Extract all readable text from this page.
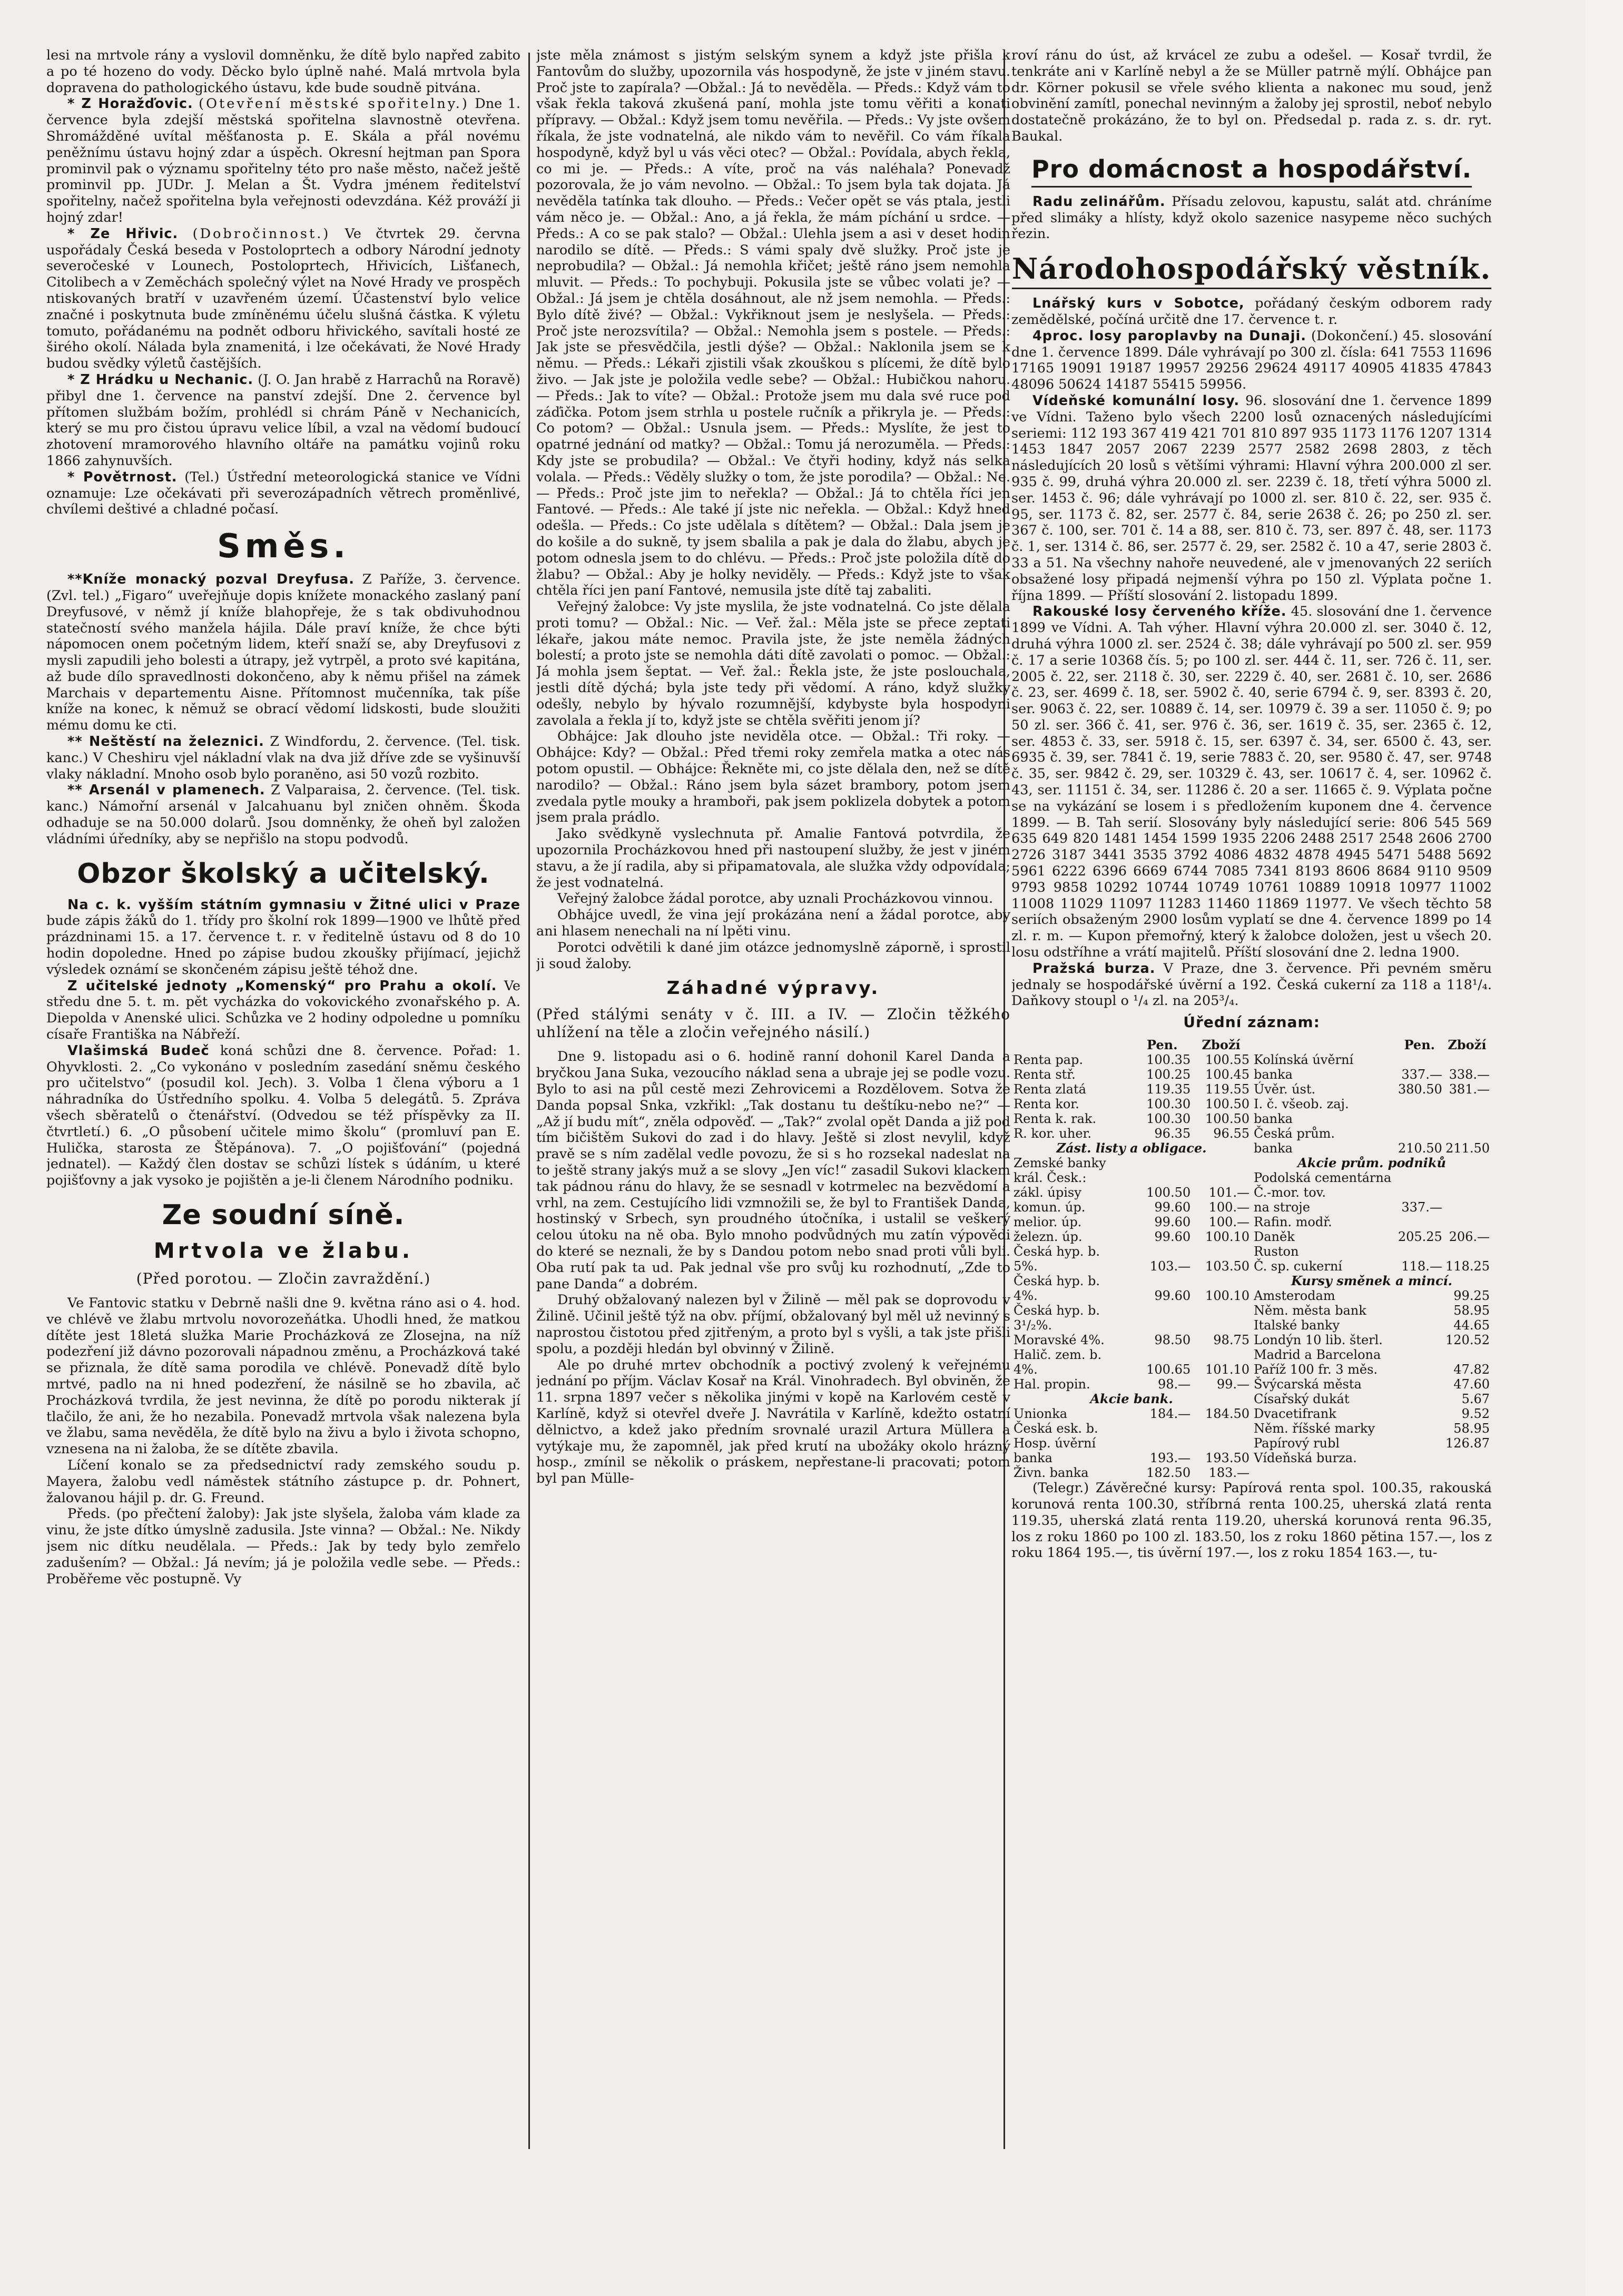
lesi na mrtvole rány a vyslovil domněnku, že dítě bylo napřed zabito a po té hozeno do vody. Děcko bylo úplně nahé. Malá mrtvola byla dopravena do pathologického ústavu, kde bude soudně pitvána.

* Z Horažďovic. (Otevření městské spořitelny.) Dne 1. července byla zdejší městská spořitelna slavnostně otevřena. Shromážděné uvítal měšťanosta p. E. Skála a přál novému peněžnímu ústavu hojný zdar a úspěch. Okresní hejtman pan Spora prominvil pak o významu spořitelny této pro naše město, načež ještě prominvil pp. JUDr. J. Melan a Št. Vydra jménem ředitelství spořitelny, načež spořitelna byla veřejnosti odevzdána. Kéž prováží ji hojný zdar!

* Ze Hřivic. (Dobročinnost.) Ve čtvrtek 29. června uspořádaly Česká beseda v Postoloprtech a odbory Národní jednoty severočeské v Lounech, Postoloprtech, Hřivicích, Lišťanech, Citolibech a v Zeměchách společný výlet na Nové Hrady ve prospěch ntiskovaných bratří v uzavřeném území. Účastenství bylo velice značné i poskytnuta bude zmíněnému účelu slušná částka. K výletu tomuto, pořádanému na podnět odboru hřivického, savítali hosté ze širého okolí. Nálada byla znamenitá, i lze očekávati, že Nové Hrady budou svědky výletů častějších.

* Z Hrádku u Nechanic. (J. O. Jan hrabě z Harrachů na Roravě) přibyl dne 1. července na panství zdejší. Dne 2. července byl přítomen službám božím, prohlédl si chrám Páně v Nechanicích, který se mu pro čistou úpravu velice líbil, a vzal na vědomí budoucí zhotovení mramorového hlavního oltáře na památku vojinů roku 1866 zahynuvších.

* Povětrnost. (Tel.) Ústřední meteorologická stanice ve Vídni oznamuje: Lze očekávati při severozápadních větrech proměnlivé, chvílemi deštivé a chladné počasí.

Směs.

**Kníže monacký pozval Dreyfusa. Z Paříže, 3. července. (Zvl. tel.) „Figaro“ uveřejňuje dopis knížete monackého zaslaný paní Dreyfusové, v němž jí kníže blahopřeje, že s tak obdivuhodnou statečností svého manžela hájila. Dále praví kníže, že chce býti nápomocen onem početným lidem, kteří snaží se, aby Dreyfusovi z mysli zapudili jeho bolesti a útrapy, jež vytrpěl, a proto své kapitána, až bude dílo spravedlnosti dokončeno, aby k němu přišel na zámek Marchais v departementu Aisne. Přítomnost mučenníka, tak píše kníže na konec, k němuž se obrací vědomí lidskosti, bude sloužiti mému domu ke cti.

** Neštěstí na železnici. Z Windfordu, 2. července. (Tel. tisk. kanc.) V Cheshiru vjel nákladní vlak na dva již dříve zde se vyšinuvší vlaky nákladní. Mnoho osob bylo poraněno, asi 50 vozů rozbito.

** Arsenál v plamenech. Z Valparaisa, 2. července. (Tel. tisk. kanc.) Námořní arsenál v Jalcahuanu byl zničen ohněm. Škoda odhaduje se na 50.000 dolarů. Jsou domněnky, že oheň byl založen vládními úředníky, aby se nepřišlo na stopu podvodů.

Obzor školský a učitelský.

Na c. k. vyšším státním gymnasiu v Žitné ulici v Praze bude zápis žáků do 1. třídy pro školní rok 1899—1900 ve lhůtě před prázdninami 15. a 17. července t. r. v ředitelně ústavu od 8 do 10 hodin dopoledne. Hned po zápise budou zkoušky přijímací, jejichž výsledek oznámí se skončeném zápisu ještě téhož dne.

Z učitelské jednoty „Komenský“ pro Prahu a okolí. Ve středu dne 5. t. m. pět vycházka do vokovického zvonařského p. A. Diepolda v Anenské ulici. Schůzka ve 2 hodiny odpoledne u pomníku císaře Františka na Nábřeží.

Vlašimská Budeč koná schůzi dne 8. července. Pořad: 1. Ohyvklosti. 2. „Co vykonáno v posledním zasedání sněmu českého pro učitelstvo“ (posudil kol. Jech). 3. Volba 1 člena výboru a 1 náhradníka do Ústředního spolku. 4. Volba 5 delegátů. 5. Zpráva všech sběratelů o čtenářství. (Odvedou se též příspěvky za II. čtvrtletí.) 6. „O působení učitele mimo školu“ (promluví pan E. Hulička, starosta ze Štěpánova). 7. „O pojišťování“ (pojedná jednatel). — Každý člen dostav se schůzi lístek s údáním, u které pojišťovny a jak vysoko je pojištěn a je-li členem Národního podniku.

Ze soudní síně.
Mrtvola ve žlabu.
(Před porotou. — Zločin zavraždění.)

Ve Fantovic statku v Debrně našli dne 9. května ráno asi o 4. hod. ve chlévě ve žlabu mrtvolu novorozeňátka. Uhodli hned, že matkou dítěte jest 18letá služka Marie Procházková ze Zlosejna, na níž podezření již dávno pozorovali nápadnou změnu, a Procházková také se přiznala, že dítě sama porodila ve chlévě. Ponevadž dítě bylo mrtvé, padlo na ni hned podezření, že násilně se ho zbavila, ač Procházková tvrdila, že jest nevinna, že dítě po porodu nikterak jí tlačilo, že ani, že ho nezabila. Ponevadž mrtvola však nalezena byla ve žlabu, sama nevěděla, že dítě bylo na živu a bylo i života schopno, vznesena na ni žaloba, že se dítěte zbavila.

Líčení konalo se za předsednictví rady zemského soudu p. Mayera, žalobu vedl náměstek státního zástupce p. dr. Pohnert, žalovanou hájil p. dr. G. Freund.

Předs. (po přečtení žaloby): Jak jste slyšela, žaloba vám klade za vinu, že jste dítko úmyslně zadusila. Jste vinna? — Obžal.: Ne. Nikdy jsem nic dítku neudělala. — Předs.: Jak by tedy bylo zemřelo zadušením? — Obžal.: Já nevím; já je položila vedle sebe. — Předs.: Proběřeme věc postupně. Vy

jste měla známost s jistým selským synem a když jste přišla k Fantovům do služby, upozornila vás hospodyně, že jste v jiném stavu. Proč jste to zapírala? —Obžal.: Já to nevěděla. — Předs.: Když vám to však řekla taková zkušená paní, mohla jste tomu věřiti a konati přípravy. — Obžal.: Když jsem tomu nevěřila. — Předs.: Vy jste ovšem říkala, že jste vodnatelná, ale nikdo vám to nevěřil. Co vám říkala hospodyně, když byl u vás věci otec? — Obžal.: Povídala, abych řekla, co mi je. — Předs.: A víte, proč na vás naléhala? Ponevadž pozorovala, že jo vám nevolno. — Obžal.: To jsem byla tak dojata. Já nevěděla tatínka tak dlouho. — Předs.: Večer opět se vás ptala, jestli vám něco je. — Obžal.: Ano, a já řekla, že mám píchání u srdce. — Předs.: A co se pak stalo? — Obžal.: Ulehla jsem a asi v deset hodin narodilo se dítě. — Předs.: S vámi spaly dvě služky. Proč jste je neprobudila? — Obžal.: Já nemohla křičet; ještě ráno jsem nemohla mluvit. — Předs.: To pochybuji. Pokusila jste se vůbec volati je? — Obžal.: Já jsem je chtěla dosáhnout, ale nž jsem nemohla. — Předs.: Bylo dítě živé? — Obžal.: Vykřiknout jsem je neslyšela. — Předs.: Proč jste nerozsvítila? — Obžal.: Nemohla jsem s postele. — Předs.: Jak jste se přesvědčila, jestli dýše? — Obžal.: Naklonila jsem se k němu. — Předs.: Lékaři zjistili však zkouškou s plícemi, že dítě bylo živo. — Jak jste je položila vedle sebe? — Obžal.: Hubičkou nahoru. — Předs.: Jak to víte? — Obžal.: Protože jsem mu dala své ruce pod záďička. Potom jsem strhla u postele ručník a přikryla je. — Předs.: Co potom? — Obžal.: Usnula jsem. — Předs.: Myslíte, že jest to opatrné jednání od matky? — Obžal.: Tomu já nerozuměla. — Předs.: Kdy jste se probudila? — Obžal.: Ve čtyři hodiny, když nás selka volala. — Předs.: Věděly služky o tom, že jste porodila? — Obžal.: Ne. — Předs.: Proč jste jim to neřekla? — Obžal.: Já to chtěla říci jen Fantové. — Předs.: Ale také jí jste nic neřekla. — Obžal.: Když hned odešla. — Předs.: Co jste udělala s dítětem? — Obžal.: Dala jsem je do košile a do sukně, ty jsem sbalila a pak je dala do žlabu, abych je potom odnesla jsem to do chlévu. — Předs.: Proč jste položila dítě do žlabu? — Obžal.: Aby je holky neviděly. — Předs.: Když jste to však chtěla říci jen paní Fantové, nemusila jste dítě taj zabaliti.

Veřejný žalobce: Vy jste myslila, že jste vodnatelná. Co jste dělala proti tomu? — Obžal.: Nic. — Veř. žal.: Měla jste se přece zeptati lékaře, jakou máte nemoc. Pravila jste, že jste neměla žádných bolestí; a proto jste se nemohla dáti dítě zavolati o pomoc. — Obžal.: Já mohla jsem šeptat. — Veř. žal.: Řekla jste, že jste poslouchala, jestli dítě dýchá; byla jste tedy při vědomí. A ráno, když služky odešly, nebylo by hývalo rozumnější, kdybyste byla hospodyni zavolala a řekla jí to, když jste se chtěla svěřiti jenom jí?

Obhájce: Jak dlouho jste neviděla otce. — Obžal.: Tři roky. — Obhájce: Kdy? — Obžal.: Před třemi roky zemřela matka a otec nás potom opustil. — Obhájce: Řekněte mi, co jste dělala den, než se dítě narodilo? — Obžal.: Ráno jsem byla sázet brambory, potom jsem zvedala pytle mouky a hramboři, pak jsem poklizela dobytek a potom jsem prala prádlo.

Jako svědkyně vyslechnuta př. Amalie Fantová potvrdila, že upozornila Procházkovou hned při nastoupení služby, že jest v jiném stavu, a že jí radila, aby si připamatovala, ale služka vždy odpovídala; že jest vodnatelná.

Veřejný žalobce žádal porotce, aby uznali Procházkovou vinnou.

Obhájce uvedl, že vina její prokázána není a žádal porotce, aby ani hlasem nenechali na ní lpěti vinu.

Porotci odvětili k dané jim otázce jednomyslně záporně, i sprostil ji soud žaloby.

Záhadné výpravy.
(Před stálými senáty v č. III. a IV. — Zločin těžkého uhlížení na těle a zločin veřejného násilí.)

Dne 9. listopadu asi o 6. hodině ranní dohonil Karel Danda a bryčkou Jana Suka, vezoucího náklad sena a ubraje jej se podle vozu. Bylo to asi na půl cestě mezi Zehrovicemi a Rozdělovem. Sotva že Danda popsal Snka, vzkřikl: „Tak dostanu tu deštíku-nebo ne?“ — „Až jí budu mít“, zněla odpověď. — „Tak?“ zvolal opět Danda a již pod tím bičištěm Sukovi do zad i do hlavy. Ještě si zlost nevylil, když pravě se s ním zadělal vedle povozu, že si s ho rozsekal nadeslat na to ještě strany jakýs muž a se slovy „Jen víc!“ zasadil Sukovi klackem tak pádnou ránu do hlavy, že se sesnadl v kotrmelec na bezvědomí a vrhl, na zem. Cestujícího lidi vzmnožili se, že byl to František Danda, hostinský v Srbech, syn proudného útočníka, i ustalil se veškerý celou útoku na ně oba. Bylo mnoho podvůdných mu zatín výpovědi do které se neznali, že by s Dandou potom nebo snad proti vůli byli. Oba rutí pak ta ud. Pak jednal vše pro svůj ku rozhodnutí, „Zde to pane Danda“ a dobrém.

Druhý obžalovaný nalezen byl v Žilině — měl pak se doprovodu v Žilině. Učinil ještě týž na obv. příjmí, obžalovaný byl měl už nevinný s naprostou čistotou před zjitřeným, a proto byl s vyšli, a tak jste přišli spolu, a později hledán byl obvinný v Žilině.

Ale po druhé mrtev obchodník a poctivý zvolený k veřejnému jednání po příjm. Václav Kosař na Král. Vinohradech. Byl obviněn, že 11. srpna 1897 večer s několika jinými v kopě na Karlovém cestě v Karlíně, když si otevřel dveře J. Navrátila v Karlíně, kdežto ostatní dělnictvo, a kdež jako předním srovnalé urazil Artura Müllera a vytýkaje mu, že zapomněl, jak před krutí na ubožáky okolo hrázný hosp., zmínil se několik o práskem, nepřestane-li pracovati; potom byl pan Mülle-

roví ránu do úst, až krvácel ze zubu a odešel. — Kosař tvrdil, že tenkráte ani v Karlíně nebyl a že se Müller patrně mýlí. Obhájce pan dr. Körner pokusil se vřele svého klienta a nakonec mu soud, jenž obvinění zamítl, ponechal nevinným a žaloby jej sprostil, neboť nebylo dostatečně prokázáno, že to byl on. Předsedal p. rada z. s. dr. ryt. Baukal.

Pro domácnost a hospodářství.

Radu zelinářům. Přísadu zelovou, kapustu, salát atd. chráníme před slimáky a hlísty, když okolo sazenice nasypeme něco suchých řezin.

Národohospodářský věstník.

Lnářský kurs v Sobotce, pořádaný českým odborem rady zemědělské, počíná určitě dne 17. července t. r.

4proc. losy paroplavby na Dunaji. (Dokončení.) 45. slosování dne 1. července 1899. Dále vyhrávají po 300 zl. čísla: 641 7553 11696 17165 19091 19187 19957 29256 29624 49117 40905 41835 47843 48096 50624 14187 55415 59956.

Vídeňské komunální losy. 96. slosování dne 1. července 1899 ve Vídni. Taženo bylo všech 2200 losů oznacených následujícími seriemi: 112 193 367 419 421 701 810 897 935 1173 1176 1207 1314 1453 1847 2057 2067 2239 2577 2582 2698 2803, z těch následujících 20 losů s většími výhrami: Hlavní výhra 200.000 zl ser. 935 č. 99, druhá výhra 20.000 zl. ser. 2239 č. 18, třetí výhra 5000 zl. ser. 1453 č. 96; dále vyhrávají po 1000 zl. ser. 810 č. 22, ser. 935 č. 95, ser. 1173 č. 82, ser. 2577 č. 84, serie 2638 č. 26; po 250 zl. ser. 367 č. 100, ser. 701 č. 14 a 88, ser. 810 č. 73, ser. 897 č. 48, ser. 1173 č. 1, ser. 1314 č. 86, ser. 2577 č. 29, ser. 2582 č. 10 a 47, serie 2803 č. 33 a 51. Na všechny nahoře neuvedené, ale v jmenovaných 22 seriích obsažené losy připadá nejmenší výhra po 150 zl. Výplata počne 1. října 1899. — Příští slosování 2. listopadu 1899.

Rakouské losy červeného kříže. 45. slosování dne 1. července 1899 ve Vídni. A. Tah výher. Hlavní výhra 20.000 zl. ser. 3040 č. 12, druhá výhra 1000 zl. ser. 2524 č. 38; dále vyhrávají po 500 zl. ser. 959 č. 17 a serie 10368 čís. 5; po 100 zl. ser. 444 č. 11, ser. 726 č. 11, ser. 2005 č. 22, ser. 2118 č. 30, ser. 2229 č. 40, ser. 2681 č. 10, ser. 2686 č. 23, ser. 4699 č. 18, ser. 5902 č. 40, serie 6794 č. 9, ser. 8393 č. 20, ser. 9063 č. 22, ser. 10889 č. 14, ser. 10979 č. 39 a ser. 11050 č. 9; po 50 zl. ser. 366 č. 41, ser. 976 č. 36, ser. 1619 č. 35, ser. 2365 č. 12, ser. 4853 č. 33, ser. 5918 č. 15, ser. 6397 č. 34, ser. 6500 č. 43, ser. 6935 č. 39, ser. 7841 č. 19, serie 7883 č. 20, ser. 9580 č. 47, ser. 9748 č. 35, ser. 9842 č. 29, ser. 10329 č. 43, ser. 10617 č. 4, ser. 10962 č. 43, ser. 11151 č. 34, ser. 11286 č. 20 a ser. 11665 č. 9. Výplata počne se na vykázání se losem i s předložením kuponem dne 4. července 1899. — B. Tah serií. Slosovány byly následující serie: 806 545 569 635 649 820 1481 1454 1599 1935 2206 2488 2517 2548 2606 2700 2726 3187 3441 3535 3792 4086 4832 4878 4945 5471 5488 5692 5961 6222 6396 6669 6744 7085 7341 8193 8606 8684 9110 9509 9793 9858 10292 10744 10749 10761 10889 10918 10977 11002 11008 11029 11097 11283 11460 11869 11977. Ve všech těchto 58 seriích obsaženým 2900 losům vyplatí se dne 4. července 1899 po 14 zl. r. m. — Kupon přemořný, který k žalobce doložen, jest u všech 20. losu odstříhne a vrátí majitelů. Příští slosování dne 2. ledna 1900.

Pražská burza. V Praze, dne 3. července. Při pevném směru jednaly se hospodářské úvěrní a 192. Česká cukerní za 118 a 118¹/₄. Daňkovy stoupl o ¹/₄ zl. na 205³/₄.

Úřední záznam:
	Pen.	Zboží
Renta pap.	100.35	100.55
Renta stř.	100.25	100.45
Renta zlatá	119.35	119.55
Renta kor.	100.30	100.50
Renta k. rak.	100.30	100.50
R. kor. uher.	96.35	96.55
Zást. listy a obligace.
Zemské banky		
král. Česk.:		
zákl. úpisy	100.50	101.—
komun. úp.	99.60	100.—
melior. úp.	99.60	100.—
železn. úp.	99.60	100.10
Česká hyp. b.		
5%.	103.—	103.50
Česká hyp. b.		
4%.	99.60	100.10
Česká hyp. b.		
3¹/₂%.		
Moravské 4%.	98.50	98.75
Halič. zem. b.		
4%.	100.65	101.10
Hal. propin.	98.—	99.—
Akcie bank.
Unionka	184.—	184.50
Česká esk. b.		
Hosp. úvěrní		
banka	193.—	193.50
Živn. banka	182.50	183.—

	Pen.	Zboží
Kolínská úvěrní		
banka	337.—	338.—
Úvěr. úst.	380.50	381.—
I. č. všeob. zaj.		
banka		
Česká prům.		
banka	210.50	211.50
Akcie prům. podniků
Podolská cementárna		

Č.-mor. tov.		
na stroje	337.—	
Rafin. modř.		
Daněk	205.25	206.—
Ruston		
Č. sp. cukerní	118.—	118.25
Kursy směnek a mincí.
Amsterodam		99.25
Něm. města bank		58.95
Italské banky		44.65
Londýn 10 lib. šterl.		120.52
Madrid a Barcelona		
Paříž 100 fr. 3 měs.		47.82
Švýcarská města		47.60
Císařský dukát		5.67
Dvacetifrank		9.52
Něm. říšské marky		58.95
Papírový rubl		126.87
Vídeňská burza.		

(Telegr.) Závěrečné kursy: Papírová renta spol. 100.35, rakouská korunová renta 100.30, stříbrná renta 100.25, uherská zlatá renta 119.35, uherská zlatá renta 119.20, uherská korunová renta 96.35, los z roku 1860 po 100 zl. 183.50, los z roku 1860 pětina 157.—, los z roku 1864 195.—, tis úvěrní 197.—, los z roku 1854 163.—, tu-
